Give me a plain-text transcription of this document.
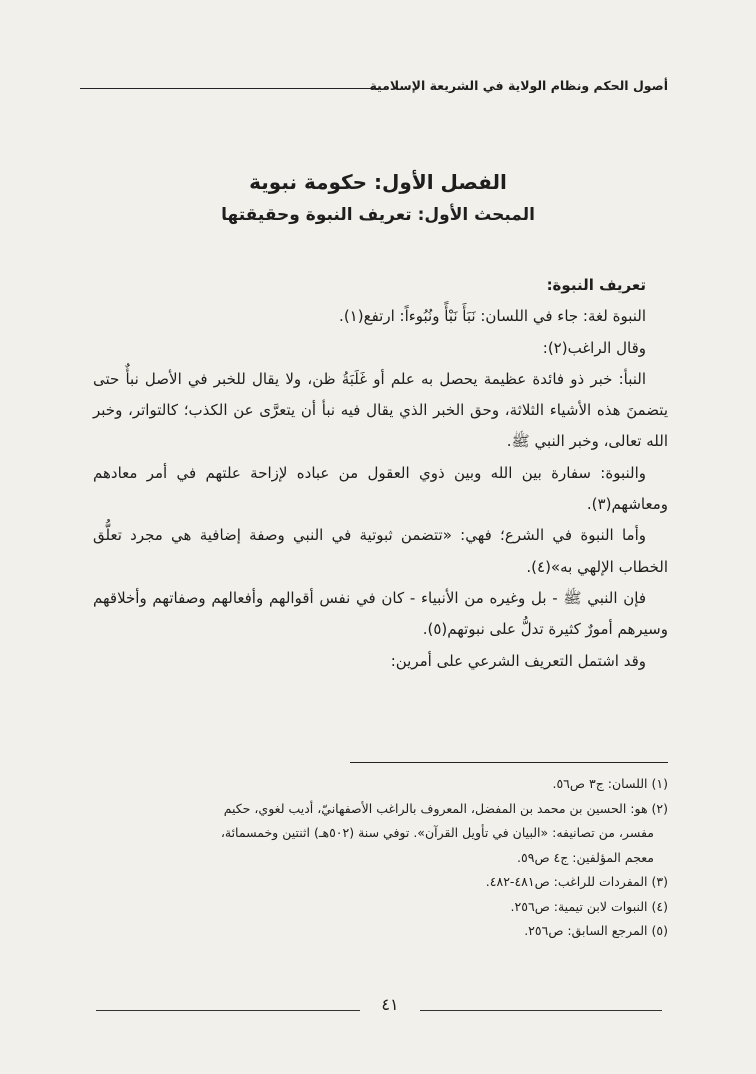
أصول الحكم ونظام الولاية في الشريعة الإسلامية
الفصل الأول: حكومة نبوية
المبحث الأول: تعريف النبوة وحقيقتها

تعريف النبوة:

النبوة لغة: جاء في اللسان: نَبَأَ نَبْأً ونُبُوءاً: ارتفع(١).

وقال الراغب(٢):

النبأ: خبر ذو فائدة عظيمة يحصل به علم أو غَلَبَةُ ظن، ولا يقال للخبر في الأصل نبأٌ حتى يتضمنَ هذه الأشياء الثلاثة، وحق الخبر الذي يقال فيه نبأ أن يتعرَّى عن الكذب؛ كالتواتر، وخبر الله تعالى، وخبر النبي ﷺ.

والنبوة: سفارة بين الله وبين ذوي العقول من عباده لإزاحة علتهم في أمر معادهم ومعاشهم(٣).

وأما النبوة في الشرع؛ فهي: «تتضمن ثبوتية في النبي وصفة إضافية هي مجرد تعلُّق الخطاب الإلهي به»(٤).

فإن النبي ﷺ - بل وغيره من الأنبياء - كان في نفس أقوالهم وأفعالهم وصفاتهم وأخلاقهم وسيرهم أمورٌ كثيرة تدلُّ على نبوتهم(٥).

وقد اشتمل التعريف الشرعي على أمرين:

(١) اللسان: ج٣ ص٥٦.

(٢) هو: الحسين بن محمد بن المفضل، المعروف بالراغب الأصفهانيّ، أديب لغوي، حكيم

مفسر، من تصانيفه: «البيان في تأويل القرآن». توفي سنة (٥٠٢هـ) اثنتين وخمسمائة،

معجم المؤلفين: ج٤ ص٥٩.

(٣) المفردات للراغب: ص٤٨١-٤٨٢.

(٤) النبوات لابن تيمية: ص٢٥٦.

(٥) المرجع السابق: ص٢٥٦.

٤١
